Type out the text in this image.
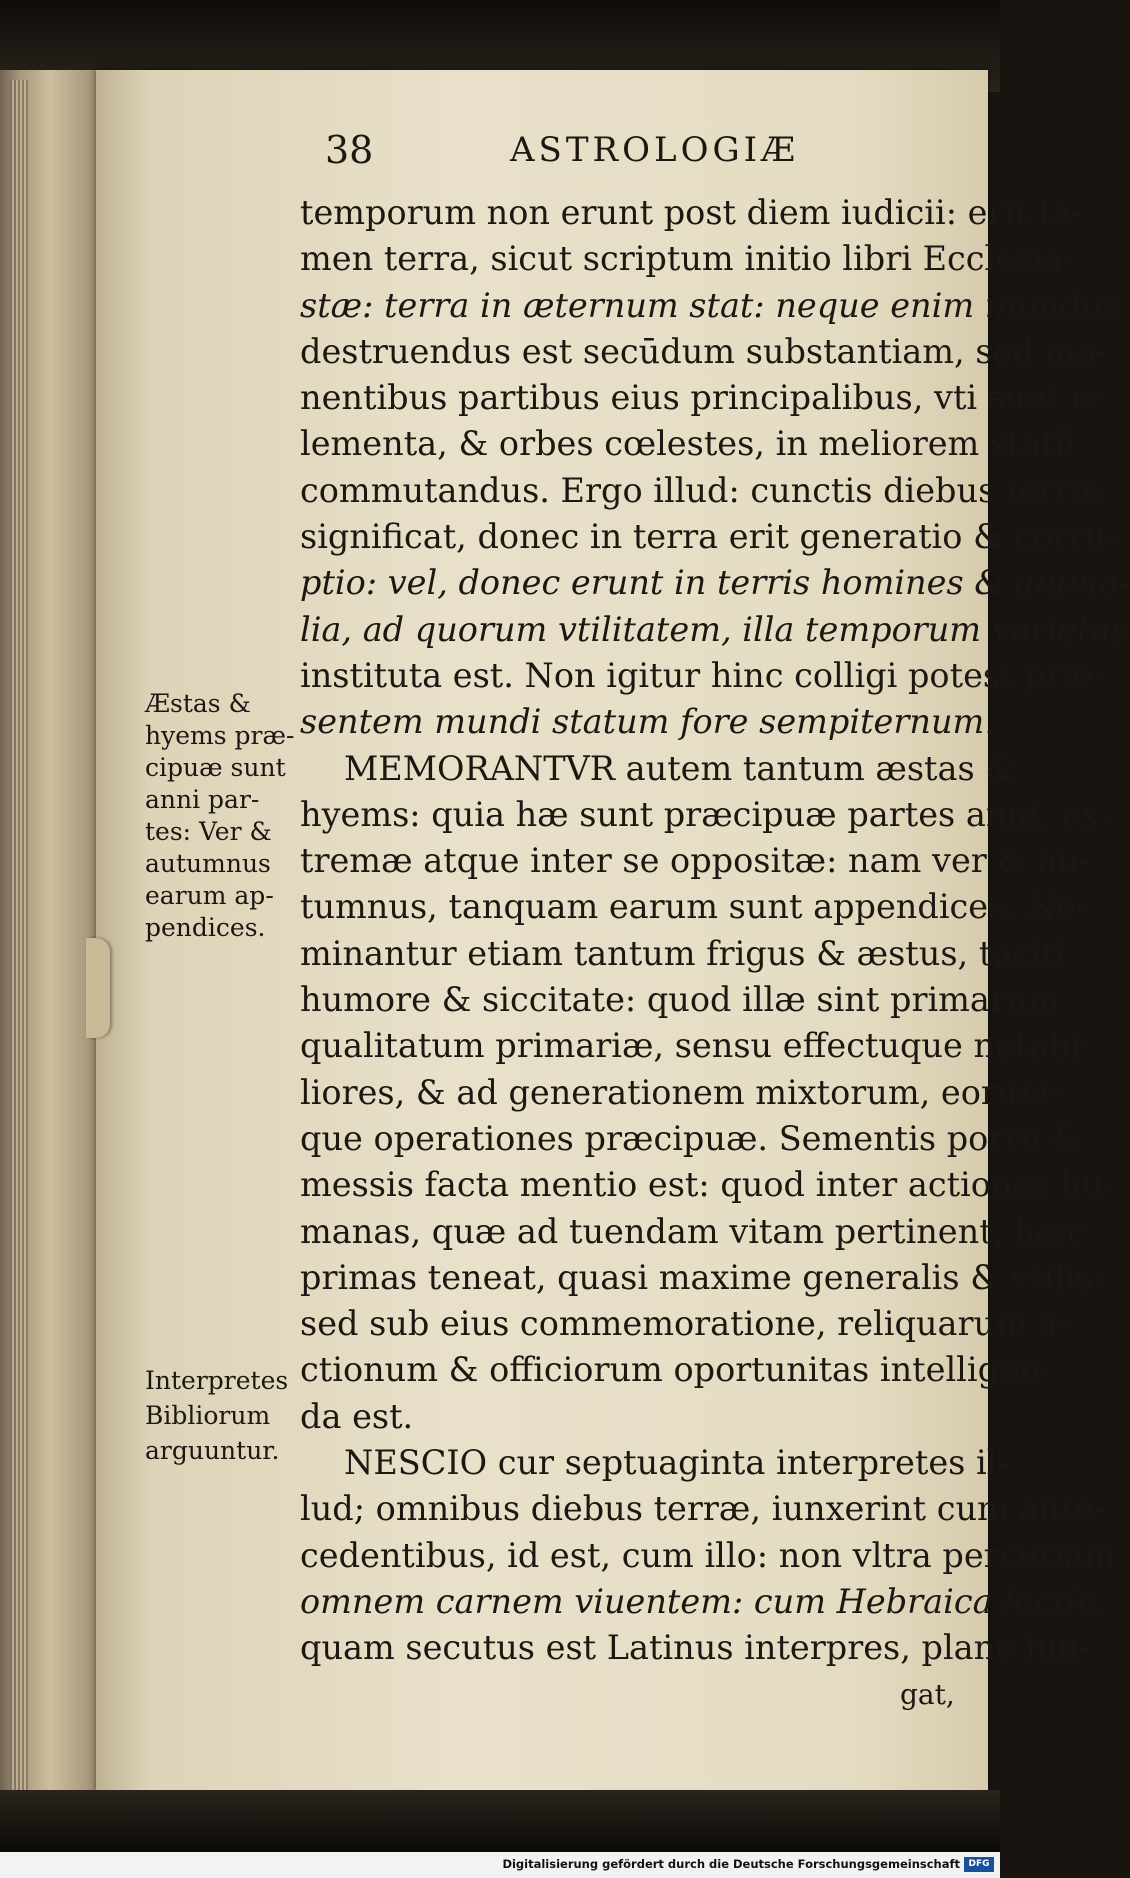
38	ASTROLOGIÆ
temporum non erunt post diem iudicii: erit ta-
men terra, sicut scriptum initio libri Ecclesia-
stæ: terra in æternum stat: neque enim mundus
destruendus est secūdum substantiam, sed ma-
nentibus partibus eius principalibus, vti sunt e-
lementa, & orbes cœlestes, in meliorem statū
commutandus. Ergo illud: cunctis diebus terræ
significat, donec in terra erit generatio & corru-
ptio: vel, donec erunt in terris homines & anima-
lia, ad quorum vtilitatem, illa temporum varietas
instituta est. Non igitur hinc colligi potest præ-
sentem mundi statum fore sempiternum.
MEMORANTVR autem tantum æstas &
hyems: quia hæ sunt præcipuæ partes anni, ex-
tremæ atque inter se oppositæ: nam ver & au-
tumnus, tanquam earum sunt appendices. No-
minantur etiam tantum frigus & æstus, taciti
humore & siccitate: quod illæ sint primarum
qualitatum primariæ, sensu effectuque notabi-
liores, & ad generationem mixtorum, eorum-
que operationes præcipuæ. Sementis porro &
messis facta mentio est: quod inter actiones hu-
manas, quæ ad tuendam vitam pertinent, hæc
primas teneat, quasi maxime generalis & vtilis:
sed sub eius commemoratione, reliquarum a-
ctionum & officiorum oportunitas intelligen-
da est.
NESCIO cur septuaginta interpretes il-
lud; omnibus diebus terræ, iunxerint cum ante-
cedentibus, id est, cum illo: non vltra percutiam
omnem carnem viuentem: cum Hebraica lectio,
quam secutus est Latinus interpres, plane iun-
gat,
Æstas &
hyems præ-
cipuæ sunt
anni par-
tes: Ver &
autumnus
earum ap-
pendices.
Interpretes
Bibliorum
arguuntur.
Digitalisierung gefördert durch die Deutsche Forschungsgemeinschaft DFG
